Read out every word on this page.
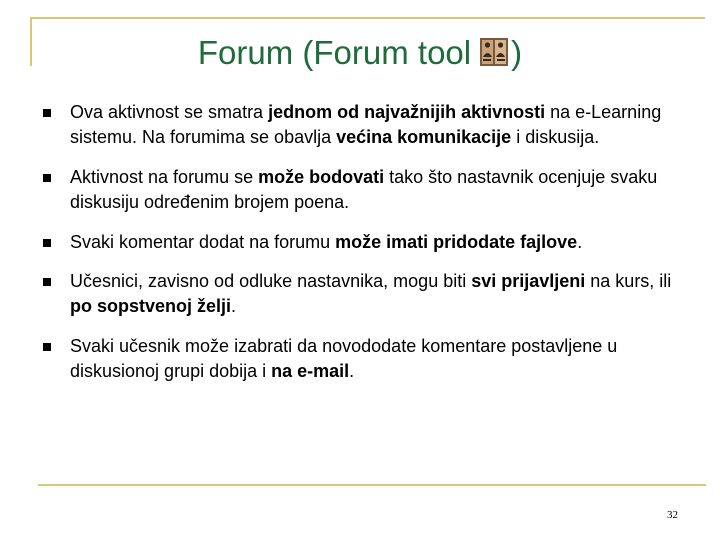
Forum (Forum tool )
Ova aktivnost se smatra jednom od najvažnijih aktivnosti na e-Learning sistemu. Na forumima se obavlja većina komunikacije i diskusija.
Aktivnost na forumu se može bodovati tako što nastavnik ocenjuje svaku diskusiju određenim brojem poena.
Svaki komentar dodat na forumu može imati pridodate fajlove.
Učesnici, zavisno od odluke nastavnika, mogu biti svi prijavljeni na kurs, ili po sopstvenoj želji.
Svaki učesnik može izabrati da novododate komentare postavljene u diskusionoj grupi dobija i na e-mail.
32
